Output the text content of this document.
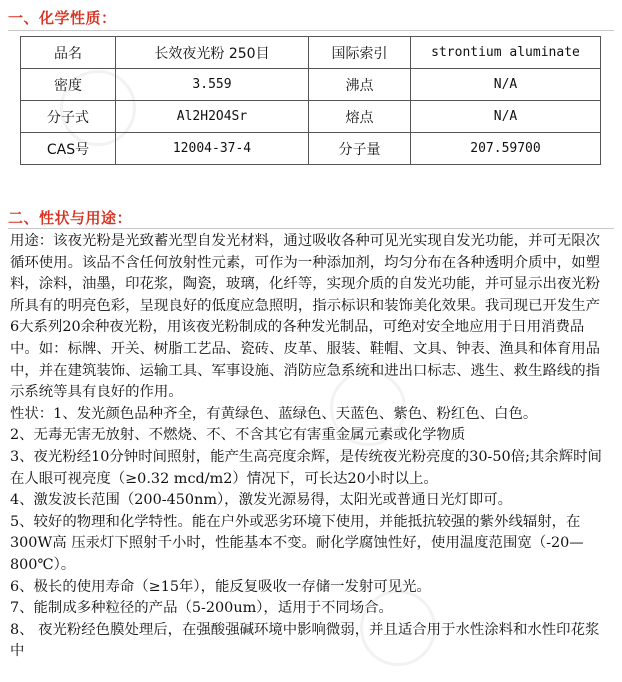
一、化学性质：
品名	长效夜光粉 250目	国际索引	strontium aluminate
密度	3.559	沸点	N/A
分子式	Al2H2O4Sr	熔点	N/A
CAS号	12004-37-4	分子量	207.59700
二、性状与用途：

用途：该夜光粉是光致蓄光型自发光材料，通过吸收各种可见光实现自发光功能，并可无限次循环使用。该品不含任何放射性元素，可作为一种添加剂，均匀分布在各种透明介质中，如塑料，涂料，油墨，印花浆，陶瓷，玻璃，化纤等，实现介质的自发光功能，并可显示出夜光粉所具有的明亮色彩，呈现良好的低度应急照明，指示标识和装饰美化效果。我司现已开发生产6大系列20余种夜光粉，用该夜光粉制成的各种发光制品，可绝对安全地应用于日用消费品中。如：标牌、开关、树脂工艺品、瓷砖、皮革、服装、鞋帽、文具、钟表、渔具和体育用品中，并在建筑装饰、运输工具、军事设施、消防应急系统和进出口标志、逃生、救生路线的指示系统等具有良好的作用。

性状：1、发光颜色品种齐全，有黄绿色、蓝绿色、天蓝色、紫色、粉红色、白色。

2、无毒无害无放射、不燃烧、不、不含其它有害重金属元素或化学物质

3、夜光粉经10分钟时间照射，能产生高亮度余辉，是传统夜光粉亮度的30-50倍;其余辉时间在人眼可视亮度（≥0.32 mcd/m2）情况下，可长达20小时以上。

4、激发波长范围（200-450nm），激发光源易得，太阳光或普通日光灯即可。

5、较好的物理和化学特性。能在户外或恶劣环境下使用，并能抵抗较强的紫外线辐射，在300W高 压汞灯下照射千小时，性能基本不变。耐化学腐蚀性好，使用温度范围宽（-20—800℃）。

6、极长的使用寿命（≥15年），能反复吸收一存储一发射可见光。

7、能制成多种粒径的产品（5-200um），适用于不同场合。

8、 夜光粉经色膜处理后，在强酸强碱环境中影响微弱，并且适合用于水性涂料和水性印花浆中
